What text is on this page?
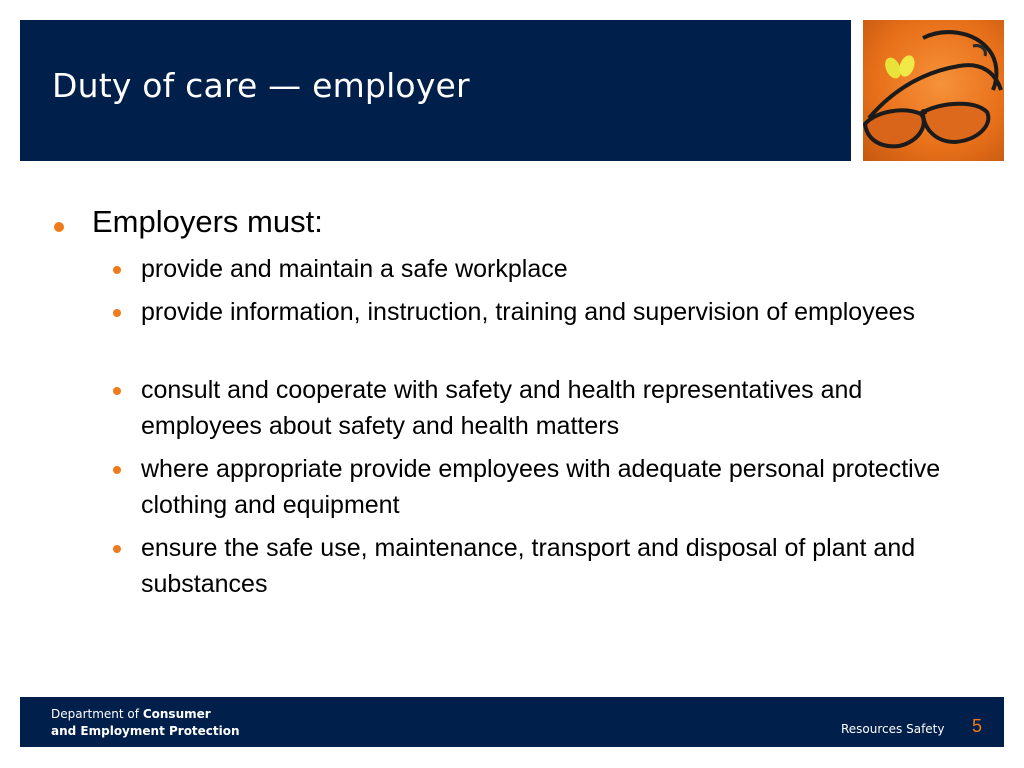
Duty of care — employer
Employers must:
provide and maintain a safe workplace
provide information, instruction, training and supervision of employees
consult and cooperate with safety and health representatives and employees about safety and health matters
where appropriate provide employees with adequate personal protective clothing and equipment
ensure the safe use, maintenance, transport and disposal of plant and substances
Department of Consumer
and Employment Protection	Resources Safety 5
